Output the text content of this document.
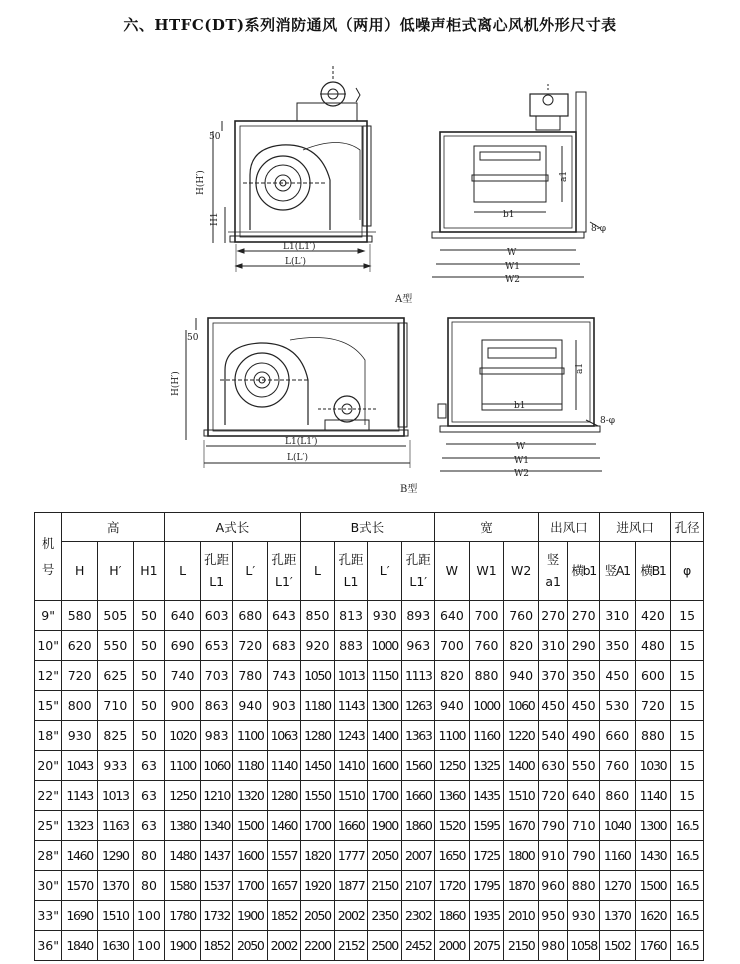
六、HTFC(DT)系列消防通风（两用）低噪声柜式离心风机外形尺寸表
50
H(H′)
H1
L1(L1′)
L(L′)
b1
a1
W
W1
W2
8-φ
A型
50
H(H′)
L1(L1′)
L(L′)
b1
a1
W
W1
W2
8-φ
B型
机号	高			A式长				B式长				宽			出风口		进风口		孔径
	H	H′	H1	L	孔距L1	L′	孔距L1′	L	孔距L1	L′	孔距L1′	W	W1	W2	竖a1	横b1	竖A1	横B1	φ
9"	580	505	50	640	603	680	643	850	813	930	893	640	700	760	270	270	310	420	15
10"	620	550	50	690	653	720	683	920	883	1000	963	700	760	820	310	290	350	480	15
12"	720	625	50	740	703	780	743	1050	1013	1150	1113	820	880	940	370	350	450	600	15
15"	800	710	50	900	863	940	903	1180	1143	1300	1263	940	1000	1060	450	450	530	720	15
18"	930	825	50	1020	983	1100	1063	1280	1243	1400	1363	1100	1160	1220	540	490	660	880	15
20"	1043	933	63	1100	1060	1180	1140	1450	1410	1600	1560	1250	1325	1400	630	550	760	1030	15
22"	1143	1013	63	1250	1210	1320	1280	1550	1510	1700	1660	1360	1435	1510	720	640	860	1140	15
25"	1323	1163	63	1380	1340	1500	1460	1700	1660	1900	1860	1520	1595	1670	790	710	1040	1300	16.5
28"	1460	1290	80	1480	1437	1600	1557	1820	1777	2050	2007	1650	1725	1800	910	790	1160	1430	16.5
30"	1570	1370	80	1580	1537	1700	1657	1920	1877	2150	2107	1720	1795	1870	960	880	1270	1500	16.5
33"	1690	1510	100	1780	1732	1900	1852	2050	2002	2350	2302	1860	1935	2010	950	930	1370	1620	16.5
36"	1840	1630	100	1900	1852	2050	2002	2200	2152	2500	2452	2000	2075	2150	980	1058	1502	1760	16.5
